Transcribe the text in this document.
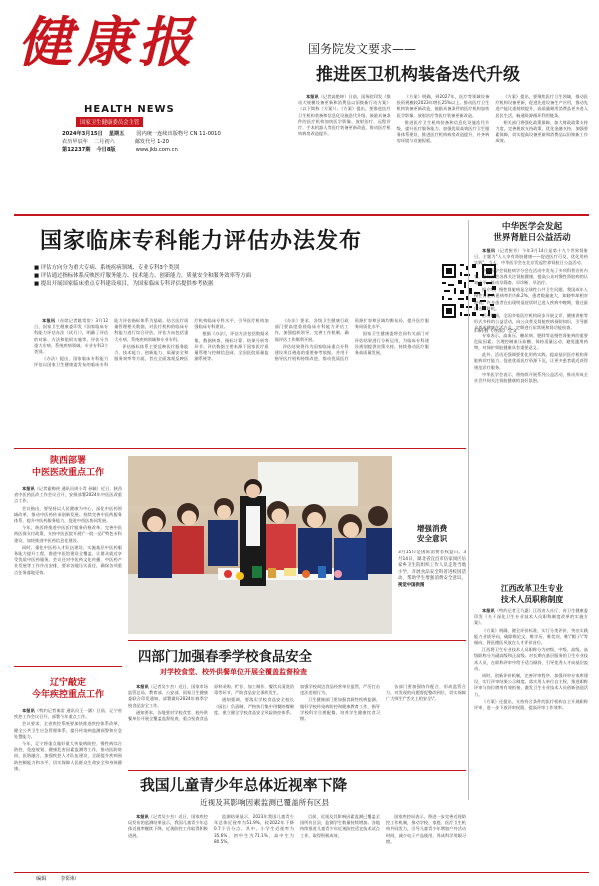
健康报
HEALTH NEWS
国家卫生健康委员会主管
2024年3月15日 星期五 国内统一连续出版物号 CN 11-0010
农历甲辰年 二月初六	邮发代号 1-20
第12237期 今日8版	www.jkb.com.cn
国务院发文要求——
推进医卫机构装备迭代升级

本报讯（记者高艳坤）日前，国务院印发《推动大规模设备更新和消费品以旧换新行动方案》（以下简称《方案》）。《方案》提出，要推进医疗卫生机构装备和信息化设施迭代升级，鼓励具备条件的医疗机构加快医学影像、放射治疗、远程诊疗、手术机器人等医疗装备更新改造，推动医疗机构病房改造提升。

《方案》明确，到2027年，医疗等领域设备投资规模较2023年增长25%以上。推动医疗卫生机构装备更新改造，鼓励具备条件的医疗机构加快医学影像、放射治疗等医疗装备更新改造。

推进医疗卫生机构装备和信息化设施迭代升级，提升医疗服务能力。加强优质高效医疗卫生服务体系建设，推进医疗机构病房改造提升，补齐病房环境与设施短板。

《方案》提出，要聚焦医疗卫生领域，推动医疗机构设备更新，促进先进设备生产应用，推动先进产能比重持续提升，高质量耐用消费品更多进入居民生活，畅通资源循环利用链条。

相关部门将强化政策保障，加大财政政策支持力度，完善税收支持政策，优化金融支持，加强要素保障，切实提高设备更新和消费品以旧换新工作成效。

国家临床专科能力评估办法发布
■ 评估方向分为重大专病、系统疾病领域、专业专科3个类别
■ 评估通过指标体系反映医疗服务能力、技术能力、创新能力，质量安全和服务效率等方面
■ 提出开展国家临床重点专科建设项目，为国家临床专科评估提供参考依据

本报讯（首席记者姚常房）3月12日，国家卫生健康委印发《国家临床专科能力评估办法（试行）》，明确了评估的对象、方法和组织实施等。评估分为重大专病、系统疾病领域、专业专科3个类别。

《办法》提出，国家临床专科能力评估以国家卫生健康委发布的临床专科能力评估指标体系为基础，结合医疗质量管理相关数据，对医疗机构的临床专科能力进行综合评估。评估方向包括重大专病、系统疾病领域和专业专科。

评估指标体系主要反映医疗服务能力、技术能力、创新能力、质量安全和服务效率等方面，旨在全面客观反映医疗机构临床专科水平，引导医疗机构加强临床专科建设。

根据《办法》，评估方法包括数据采集、数据核查、指标计算、结果分析等环节。评估数据主要来源于国家医疗质量管理与控制信息网、全国医院质量监测系统等。

《办法》要求，各级卫生健康行政部门要高度重视临床专科能力评估工作，加强组织领导，完善工作机制，确保评估工作顺利开展。

评估结果将作为国家临床重点专科建设项目遴选的重要参考依据，并用于指导医疗机构持续改进，推动优质医疗资源扩容和区域均衡布局，提升医疗服务同质化水平。

国家卫生健康委将会同有关部门对评估结果进行分析运用，为临床专科建设规划提供决策支持，持续推动医疗服务高质量发展。

扫码看《办法》全文
中华医学会发起
世界肾脏日公益活动

本报讯（记者崔芳）今年3月14日是第十九个世界肾脏日，主题为"人人享有肾脏健康——促进医疗可及，优化用药实践"。当天，中华医学会在北京发起世界肾脏日公益活动。

中华医学会肾脏病学分会在活动中发布了多项科普宣传内容，倡导社会各界关注肾脏健康，提高公众对慢性肾脏病的认知水平，推动早筛查、早诊断、早治疗。

据介绍，慢性肾脏病是全球性公共卫生问题。我国成年人慢性肾脏病患病率约为8.2%，患者数量庞大，知晓率却相对较低。许多患者在出现明显症状时已进入疾病中晚期，错过最佳治疗时机。

活动期间，全国多家医疗机构同步开展义诊、健康讲座等形式多样的公益活动，向公众普及肾脏疾病预防知识，引导群众养成健康生活方式，定期进行尿常规和肾功能检查。

专家表示，高血压、糖尿病、肥胖等是慢性肾脏病的重要危险因素。合理控制血压血糖、保持适量运动、避免滥用药物，对保护肾脏健康具有重要意义。

此外，活动还强调要优化用药实践，提高基层医疗机构肾脏病诊疗能力，促进优质医疗资源下沉，让更多患者就近获得规范诊疗服务。

中华医学会表示，将持续开展系列公益活动，推动形成全社会共同关注肾脏健康的良好氛围。

陕西部署
中医医改重点工作

本报讯（记者霍梅侠 通讯员周小青 孙颖）近日，陕西省中医药医改工作会议召开，安排部署2024年中医医改重点工作。

会议指出，要坚持以人民健康为中心，深化中医药领域改革，推动中医药传承创新发展。持续完善中医药服务体系，提升中医药服务能力，促进中西医协同发展。

今年，陕西将推进中医医疗服务价格改革，完善中医药医保支付政策，支持中医医院开展\"一院一品\"特色专科建设，加快推进中医药信息化建设。

同时，强化中医药人才队伍建设，实施基层中医药服务能力提升工程，推进中医馆建设全覆盖，让群众就近享受优质中医药服务。会议还对中医药文化传播、中医药产业发展等工作作出安排，要求各地压实责任，确保各项重点任务落地见效。

辽宁敲定
今年疾控重点工作

本报讯（特约记者秦雷 通讯员王一涵）日前，辽宁省疾控工作会议召开，部署今年重点工作。

会议要求，全省疾控系统要加快推进疾控体系改革，健全公共卫生应急管理体系，提升传染病监测预警和应急处置能力。

今年，辽宁将重点做好重大传染病防控、慢性病综合防控、免疫规划、健康危害因素监测等工作，推动医防协同、医防融合，加强疾控人才队伍建设，全面提升疾病预防控制能力和水平，切实保障人民群众生命安全和身体健康。

增强消费
安全意识

3月15日是国际消费者权益日。3月14日，湖北省宜昌市伍家岗区伍家乡卫生院组织工作人员走进当地小学，开展食品安全科普进校园活动，帮助学生增强消费安全意识。视觉中国供图	江西改革卫生专业
技术人员职称制度

本报讯（特约记者王乃惠）江西省人社厅、省卫生健康委印发《关于深化卫生专业技术人员职称制度改革的实施方案》。

《方案》明确，健全评价标准，实行分类评价，突出实践能力业绩导向，破除唯论文、唯学历、唯奖项、唯\"帽子\"等倾向，将医德医风放在人才评价首位。

江西将卫生专业技术人员职称分为初级、中级、高级，高级职称分为副高级和正高级。对长期在基层服务的卫生专业技术人员，在职称评审中给予适当倾斜，引导优秀人才向基层流动。

同时，创新评价机制，完善评审程序，加强评审专家库建设，实行评审结果公示制度。落实用人单位自主权，推进职称评审与岗位聘用有效衔接，激发卫生专业技术人员创新创造活力。

《方案》还提出，支持符合条件的医疗机构自主开展职称评审，进一步下放评审权限，提高评审工作效率。

四部门加强春季学校食品安全
对学校食堂、校外供餐单位开展全覆盖监督检查

本报讯（记者吴少杰）近日，国家市场监管总局、教育部、公安部、国家卫生健康委联合印发通知，部署做好2024年春季学校食品安全工作。

通知要求，各地要对学校食堂、校外供餐单位开展全覆盖监督检查，重点检查食品原料采购、贮存、加工制作、餐饮具清洗消毒等环节，严防食品安全事故发生。

通知强调，要落实学校食品安全校长（园长）负责制，严格执行集中用餐陪餐制度，建立健全学校食品安全风险防控体系。加强学校周边食品经营单位监管，严厉打击违法违规行为。

卫生健康部门要加强食源性疾病监测，做好学校传染病防控和健康教育工作，指导学校科学合理配餐，培养学生健康饮食习惯。

各部门要加强协作配合，形成监管合力，对发现的问题督促整改到位，切实保障广大师生\"舌尖上的安全\"。

我国儿童青少年总体近视率下降
近视及其影响因素监测已覆盖所有区县

本报讯（记者吴少杰）近日，国家疾控局发布的监测结果显示，我国儿童青少年总体近视率继续下降，近视防控工作取得积极进展。

监测结果显示，2023年我国儿童青少年总体近视率为51.9%，较2022年下降0.7个百分点。其中，小学生近视率为35.6%，初中生为71.1%，高中生为80.5%。

目前，近视及其影响因素监测已覆盖全国所有区县，监测学生数量持续增加。各地持续推进儿童青少年近视防控适宜技术试点工作，取得积极成效。

国家疾控局表示，将进一步完善近视防控工作机制，推动学校、家庭、医疗卫生机构共同发力，引导儿童青少年增加户外活动时间，减少电子产品使用，养成科学用眼习惯。

编辑	李阳和
